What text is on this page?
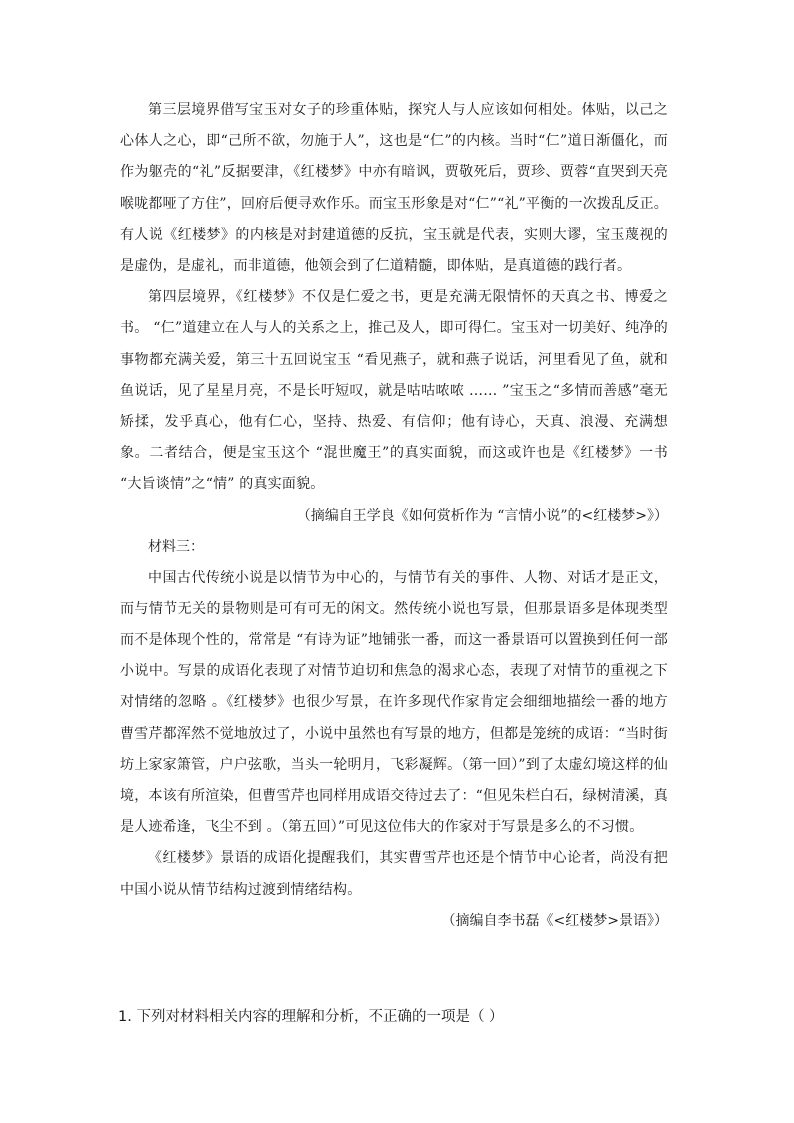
第三层境界借写宝玉对女子的珍重体贴，探究人与人应该如何相处。体贴，以己之心体人之心，即“己所不欲，勿施于人”，这也是“仁”的内核。当时“仁”道日渐僵化，而作为躯壳的“礼”反据要津，《红楼梦》中亦有暗讽，贾敬死后，贾珍、贾蓉“直哭到天亮喉咙都哑了方住”，回府后便寻欢作乐。而宝玉形象是对“仁”“礼”平衡的一次拨乱反正。有人说《红楼梦》的内核是对封建道德的反抗，宝玉就是代表，实则大谬，宝玉蔑视的是虚伪，是虚礼，而非道德，他领会到了仁道精髓，即体贴，是真道德的践行者。

第四层境界，《红楼梦》不仅是仁爱之书，更是充满无限情怀的天真之书、博爱之书。 “仁”道建立在人与人的关系之上，推己及人，即可得仁。宝玉对一切美好、纯净的事物都充满关爱，第三十五回说宝玉 “看见燕子，就和燕子说话，河里看见了鱼，就和鱼说话，见了星星月亮，不是长吁短叹，就是咕咕哝哝 …… ”宝玉之“多情而善感”毫无矫揉，发乎真心，他有仁心，坚持、热爱、有信仰；他有诗心，天真、浪漫、充满想象。二者结合，便是宝玉这个 “混世魔王”的真实面貌，而这或许也是《红楼梦》一书 “大旨谈情”之“情” 的真实面貌。

（摘编自王学良《如何赏析作为 “言情小说”的<红楼梦>》）

材料三：

中国古代传统小说是以情节为中心的，与情节有关的事件、人物、对话才是正文，而与情节无关的景物则是可有可无的闲文。然传统小说也写景，但那景语多是体现类型而不是体现个性的，常常是 “有诗为证”地铺张一番，而这一番景语可以置换到任何一部小说中。写景的成语化表现了对情节迫切和焦急的渴求心态，表现了对情节的重视之下对情绪的忽略 。《红楼梦》也很少写景，在许多现代作家肯定会细细地描绘一番的地方曹雪芹都浑然不觉地放过了，小说中虽然也有写景的地方，但都是笼统的成语：“当时街坊上家家箫管，户户弦歌，当头一轮明月，飞彩凝辉。（第一回）”到了太虚幻境这样的仙境，本该有所渲染，但曹雪芹也同样用成语交待过去了：“但见朱栏白石，绿树清溪，真是人迹希逢，飞尘不到 。（第五回）”可见这位伟大的作家对于写景是多么的不习惯。

《红楼梦》景语的成语化提醒我们，其实曹雪芹也还是个情节中心论者，尚没有把中国小说从情节结构过渡到情绪结构。

（摘编自李书磊《<红楼梦>景语》）

1. 下列对材料相关内容的理解和分析，不正确的一项是（ ）
